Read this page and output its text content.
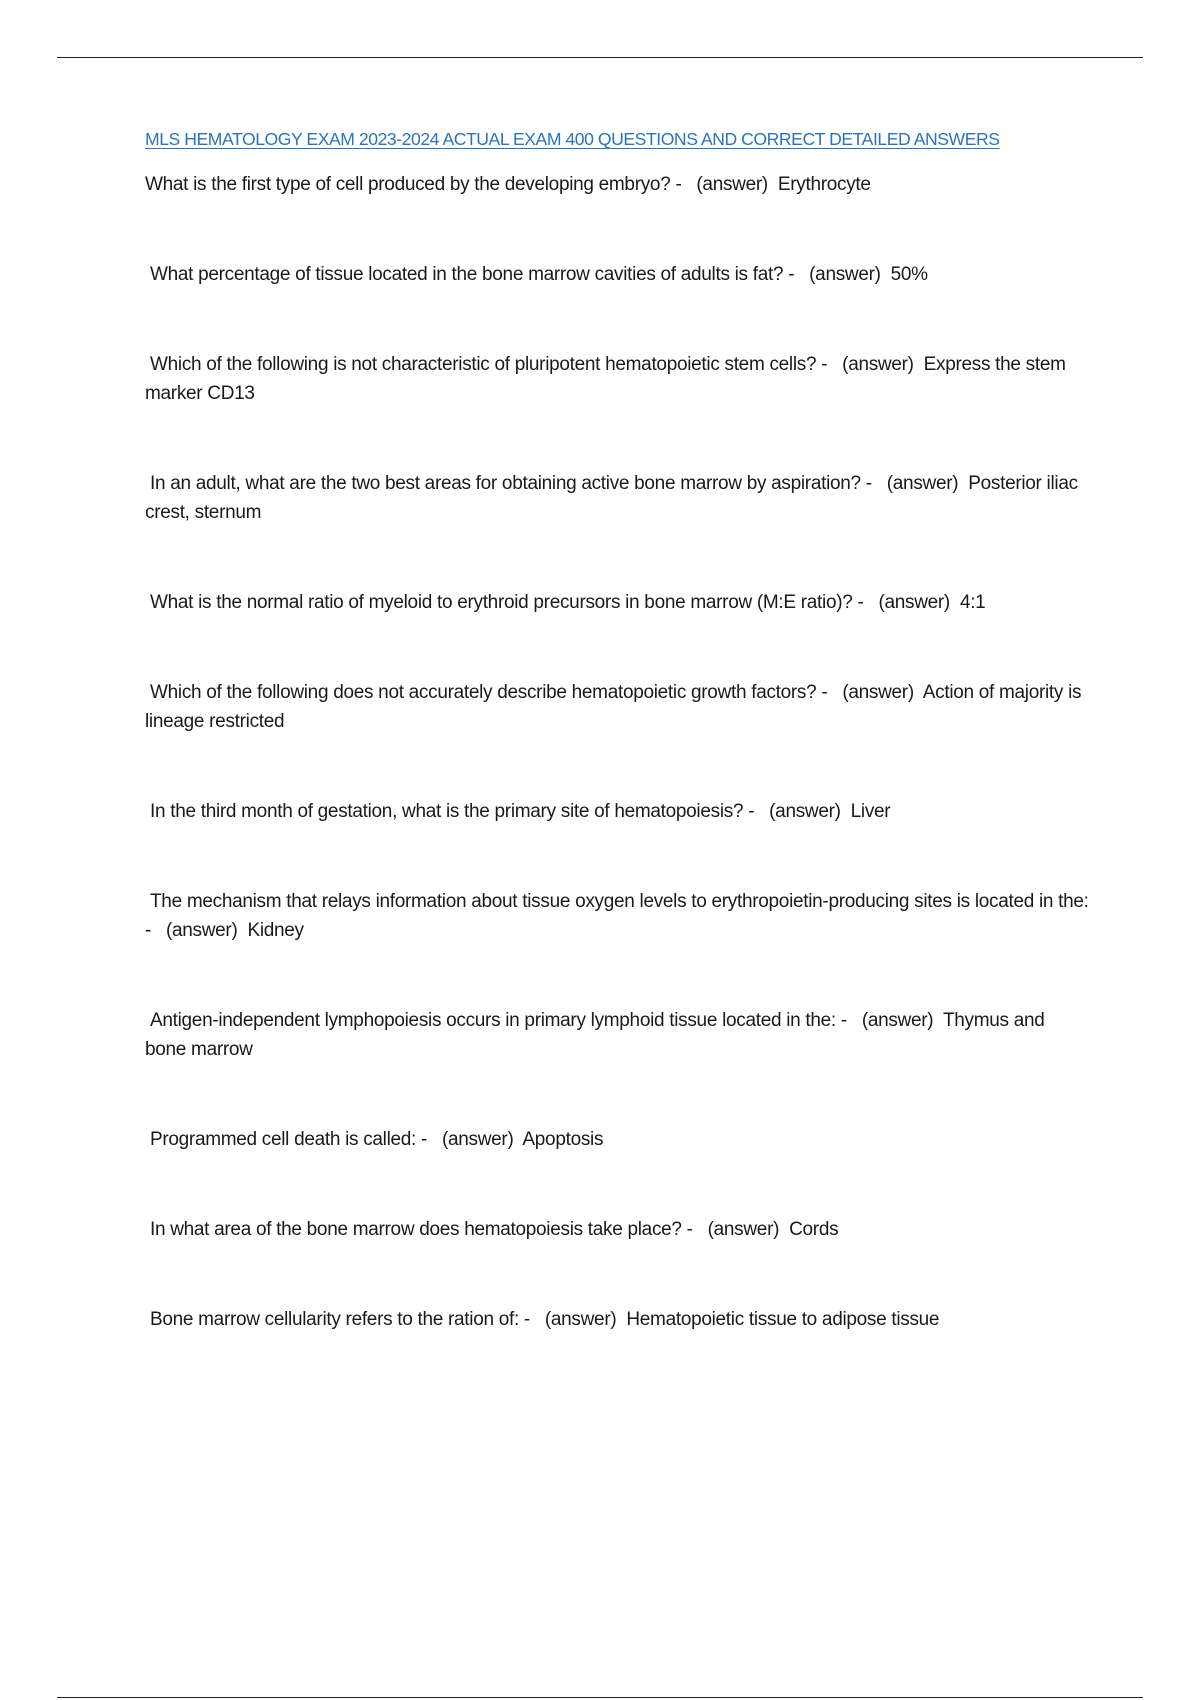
MLS HEMATOLOGY EXAM 2023-2024 ACTUAL EXAM 400 QUESTIONS AND CORRECT DETAILED ANSWERS
What is the first type of cell produced by the developing embryo? - (answer) Erythrocyte
What percentage of tissue located in the bone marrow cavities of adults is fat? - (answer) 50%
Which of the following is not characteristic of pluripotent hematopoietic stem cells? - (answer) Express the stem marker CD13
In an adult, what are the two best areas for obtaining active bone marrow by aspiration? - (answer) Posterior iliac crest, sternum
What is the normal ratio of myeloid to erythroid precursors in bone marrow (M:E ratio)? - (answer) 4:1
Which of the following does not accurately describe hematopoietic growth factors? - (answer) Action of majority is lineage restricted
In the third month of gestation, what is the primary site of hematopoiesis? - (answer) Liver
The mechanism that relays information about tissue oxygen levels to erythropoietin-producing sites is located in the: - (answer) Kidney
Antigen-independent lymphopoiesis occurs in primary lymphoid tissue located in the: - (answer) Thymus and bone marrow
Programmed cell death is called: - (answer) Apoptosis
In what area of the bone marrow does hematopoiesis take place? - (answer) Cords
Bone marrow cellularity refers to the ration of: - (answer) Hematopoietic tissue to adipose tissue
